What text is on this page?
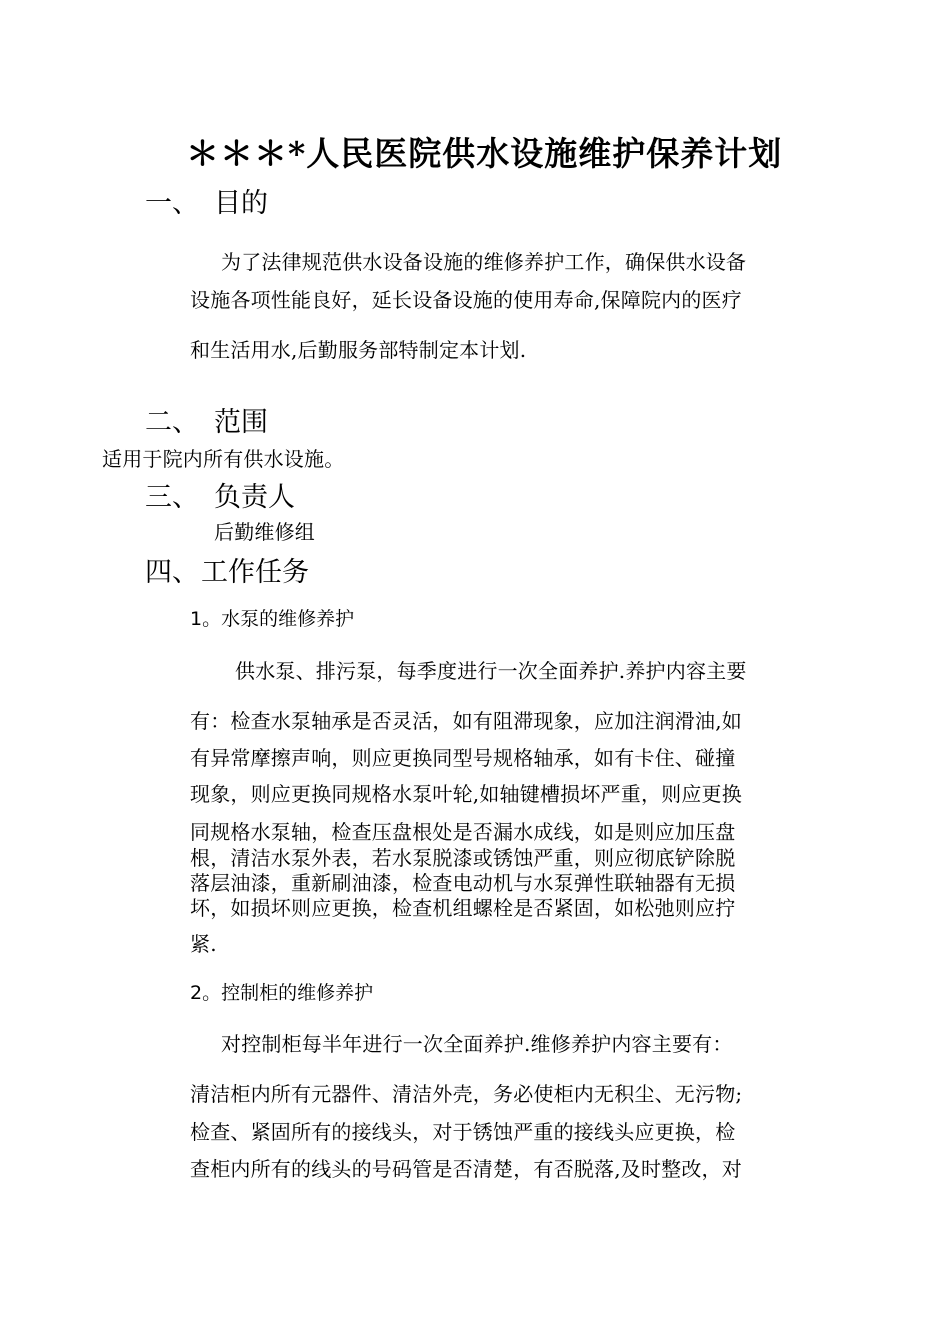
＊＊＊*人民医院供水设施维护保养计划
一、 目的

为了法律规范供水设备设施的维修养护工作，确保供水设备

设施各项性能良好，延长设备设施的使用寿命,保障院内的医疗

和生活用水,后勤服务部特制定本计划.

二、 范围

适用于院内所有供水设施。

三、 负责人

后勤维修组

四、 工作任务

1。水泵的维修养护

供水泵、排污泵，每季度进行一次全面养护.养护内容主要

有：检查水泵轴承是否灵活，如有阻滞现象，应加注润滑油,如

有异常摩擦声响，则应更换同型号规格轴承，如有卡住、碰撞

现象，则应更换同规格水泵叶轮,如轴键槽损坏严重，则应更换

同规格水泵轴，检查压盘根处是否漏水成线，如是则应加压盘

根，清洁水泵外表，若水泵脱漆或锈蚀严重，则应彻底铲除脱

落层油漆，重新刷油漆，检查电动机与水泵弹性联轴器有无损

坏，如损坏则应更换，检查机组螺栓是否紧固，如松弛则应拧

紧.

2。控制柜的维修养护

对控制柜每半年进行一次全面养护.维修养护内容主要有：

清洁柜内所有元器件、清洁外壳，务必使柜内无积尘、无污物;

检查、紧固所有的接线头，对于锈蚀严重的接线头应更换，检

查柜内所有的线头的号码管是否清楚，有否脱落,及时整改，对
